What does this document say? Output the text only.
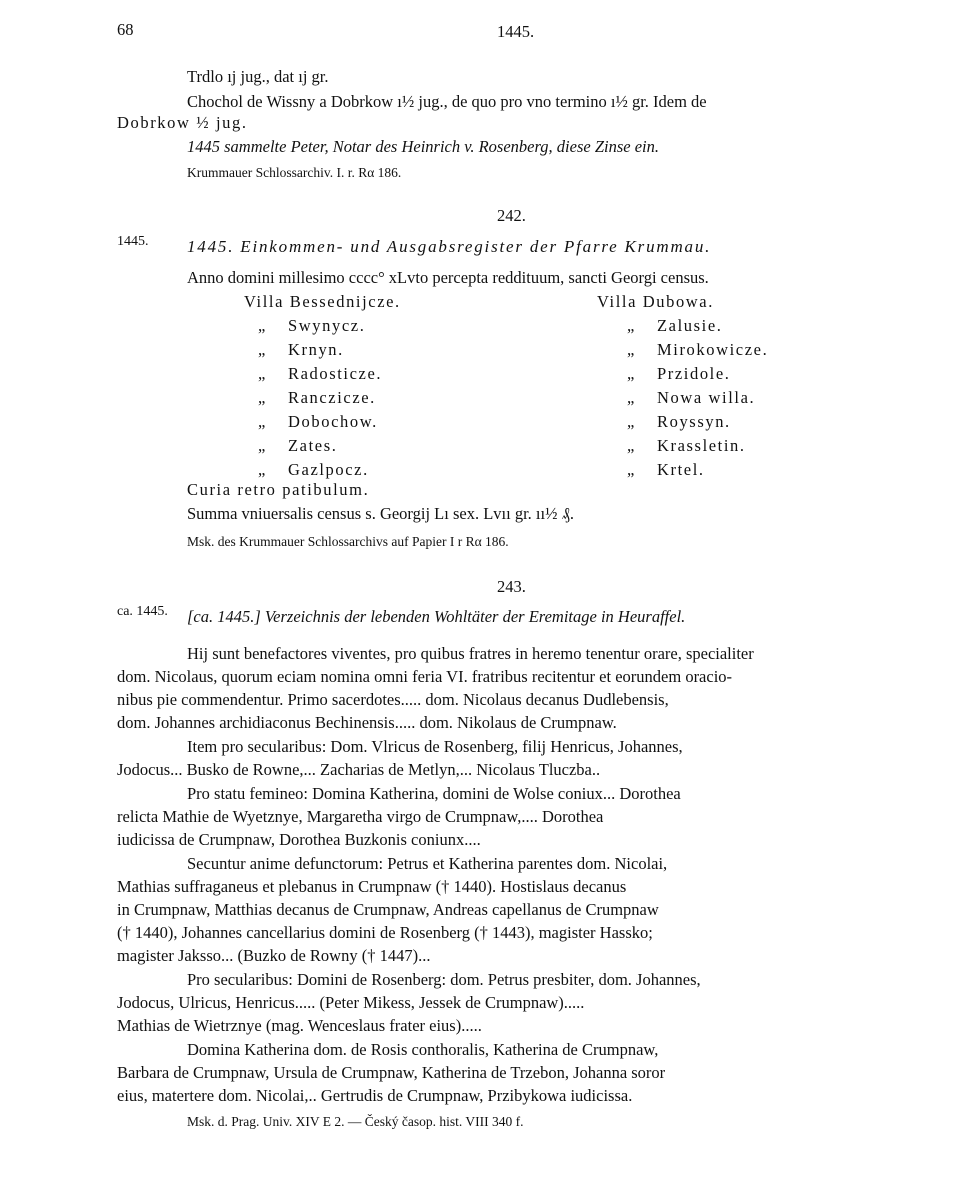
68	1445.
Trdlo ıj jug., dat ıj gr.
Chochol de Wissny a Dobrkow ı½ jug., de quo pro vno termino ı½ gr. Idem de
Dobrkow ½ jug.
1445 sammelte Peter, Notar des Heinrich v. Rosenberg, diese Zinse ein.
Krummauer Schlossarchiv. I. r. Rα 186.
242.
1445. 1445. Einkommen- und Ausgabsregister der Pfarre Krummau.
Anno domini millesimo cccc° xLvto percepta reddituum, sancti Georgi census.
Villa Bessednijcze.
„ Swynycz.
„ Krnyn.
„ Radosticze.
„ Ranczicze.
„ Dobochow.
„ Zates.
„ Gazlpocz.
Villa Dubowa.
„ Zalusie.
„ Mirokowicze.
„ Przidole.
„ Nowa willa.
„ Royssyn.
„ Krassletin.
„ Krtel.
Curia retro patibulum.
Summa vniuersalis census s. Georgij Lı sex. Lvıı gr. ıı½ ₰.
Msk. des Krummauer Schlossarchivs auf Papier I r Rα 186.
243.
ca. 1445. [ca. 1445.] Verzeichnis der lebenden Wohltäter der Eremitage in Heuraffel.
Hij sunt benefactores viventes, pro quibus fratres in heremo tenentur orare, specialiter
dom. Nicolaus, quorum eciam nomina omni feria VI. fratribus recitentur et eorundem oracio-
nibus pie commendentur. Primo sacerdotes..... dom. Nicolaus decanus Dudlebensis,
dom. Johannes archidiaconus Bechinensis..... dom. Nikolaus de Crumpnaw.
Item pro secularibus: Dom. Vlricus de Rosenberg, filij Henricus, Johannes,
Jodocus... Busko de Rowne,... Zacharias de Metlyn,... Nicolaus Tluczba..
Pro statu femineo: Domina Katherina, domini de Wolse coniux... Dorothea
relicta Mathie de Wyetznye, Margaretha virgo de Crumpnaw,.... Dorothea
iudicissa de Crumpnaw, Dorothea Buzkonis coniunx....
Secuntur anime defunctorum: Petrus et Katherina parentes dom. Nicolai,
Mathias suffraganeus et plebanus in Crumpnaw († 1440). Hostislaus decanus
in Crumpnaw, Matthias decanus de Crumpnaw, Andreas capellanus de Crumpnaw
(† 1440), Johannes cancellarius domini de Rosenberg († 1443), magister Hassko;
magister Jaksso... (Buzko de Rowny († 1447)...
Pro secularibus: Domini de Rosenberg: dom. Petrus presbiter, dom. Johannes,
Jodocus, Ulricus, Henricus..... (Peter Mikess, Jessek de Crumpnaw).....
Mathias de Wietrznye (mag. Wenceslaus frater eius).....
Domina Katherina dom. de Rosis conthoralis, Katherina de Crumpnaw,
Barbara de Crumpnaw, Ursula de Crumpnaw, Katherina de Trzebon, Johanna soror
eius, matertere dom. Nicolai,.. Gertrudis de Crumpnaw, Przibykowa iudicissa.
Msk. d. Prag. Univ. XIV E 2. — Český časop. hist. VIII 340 f.
